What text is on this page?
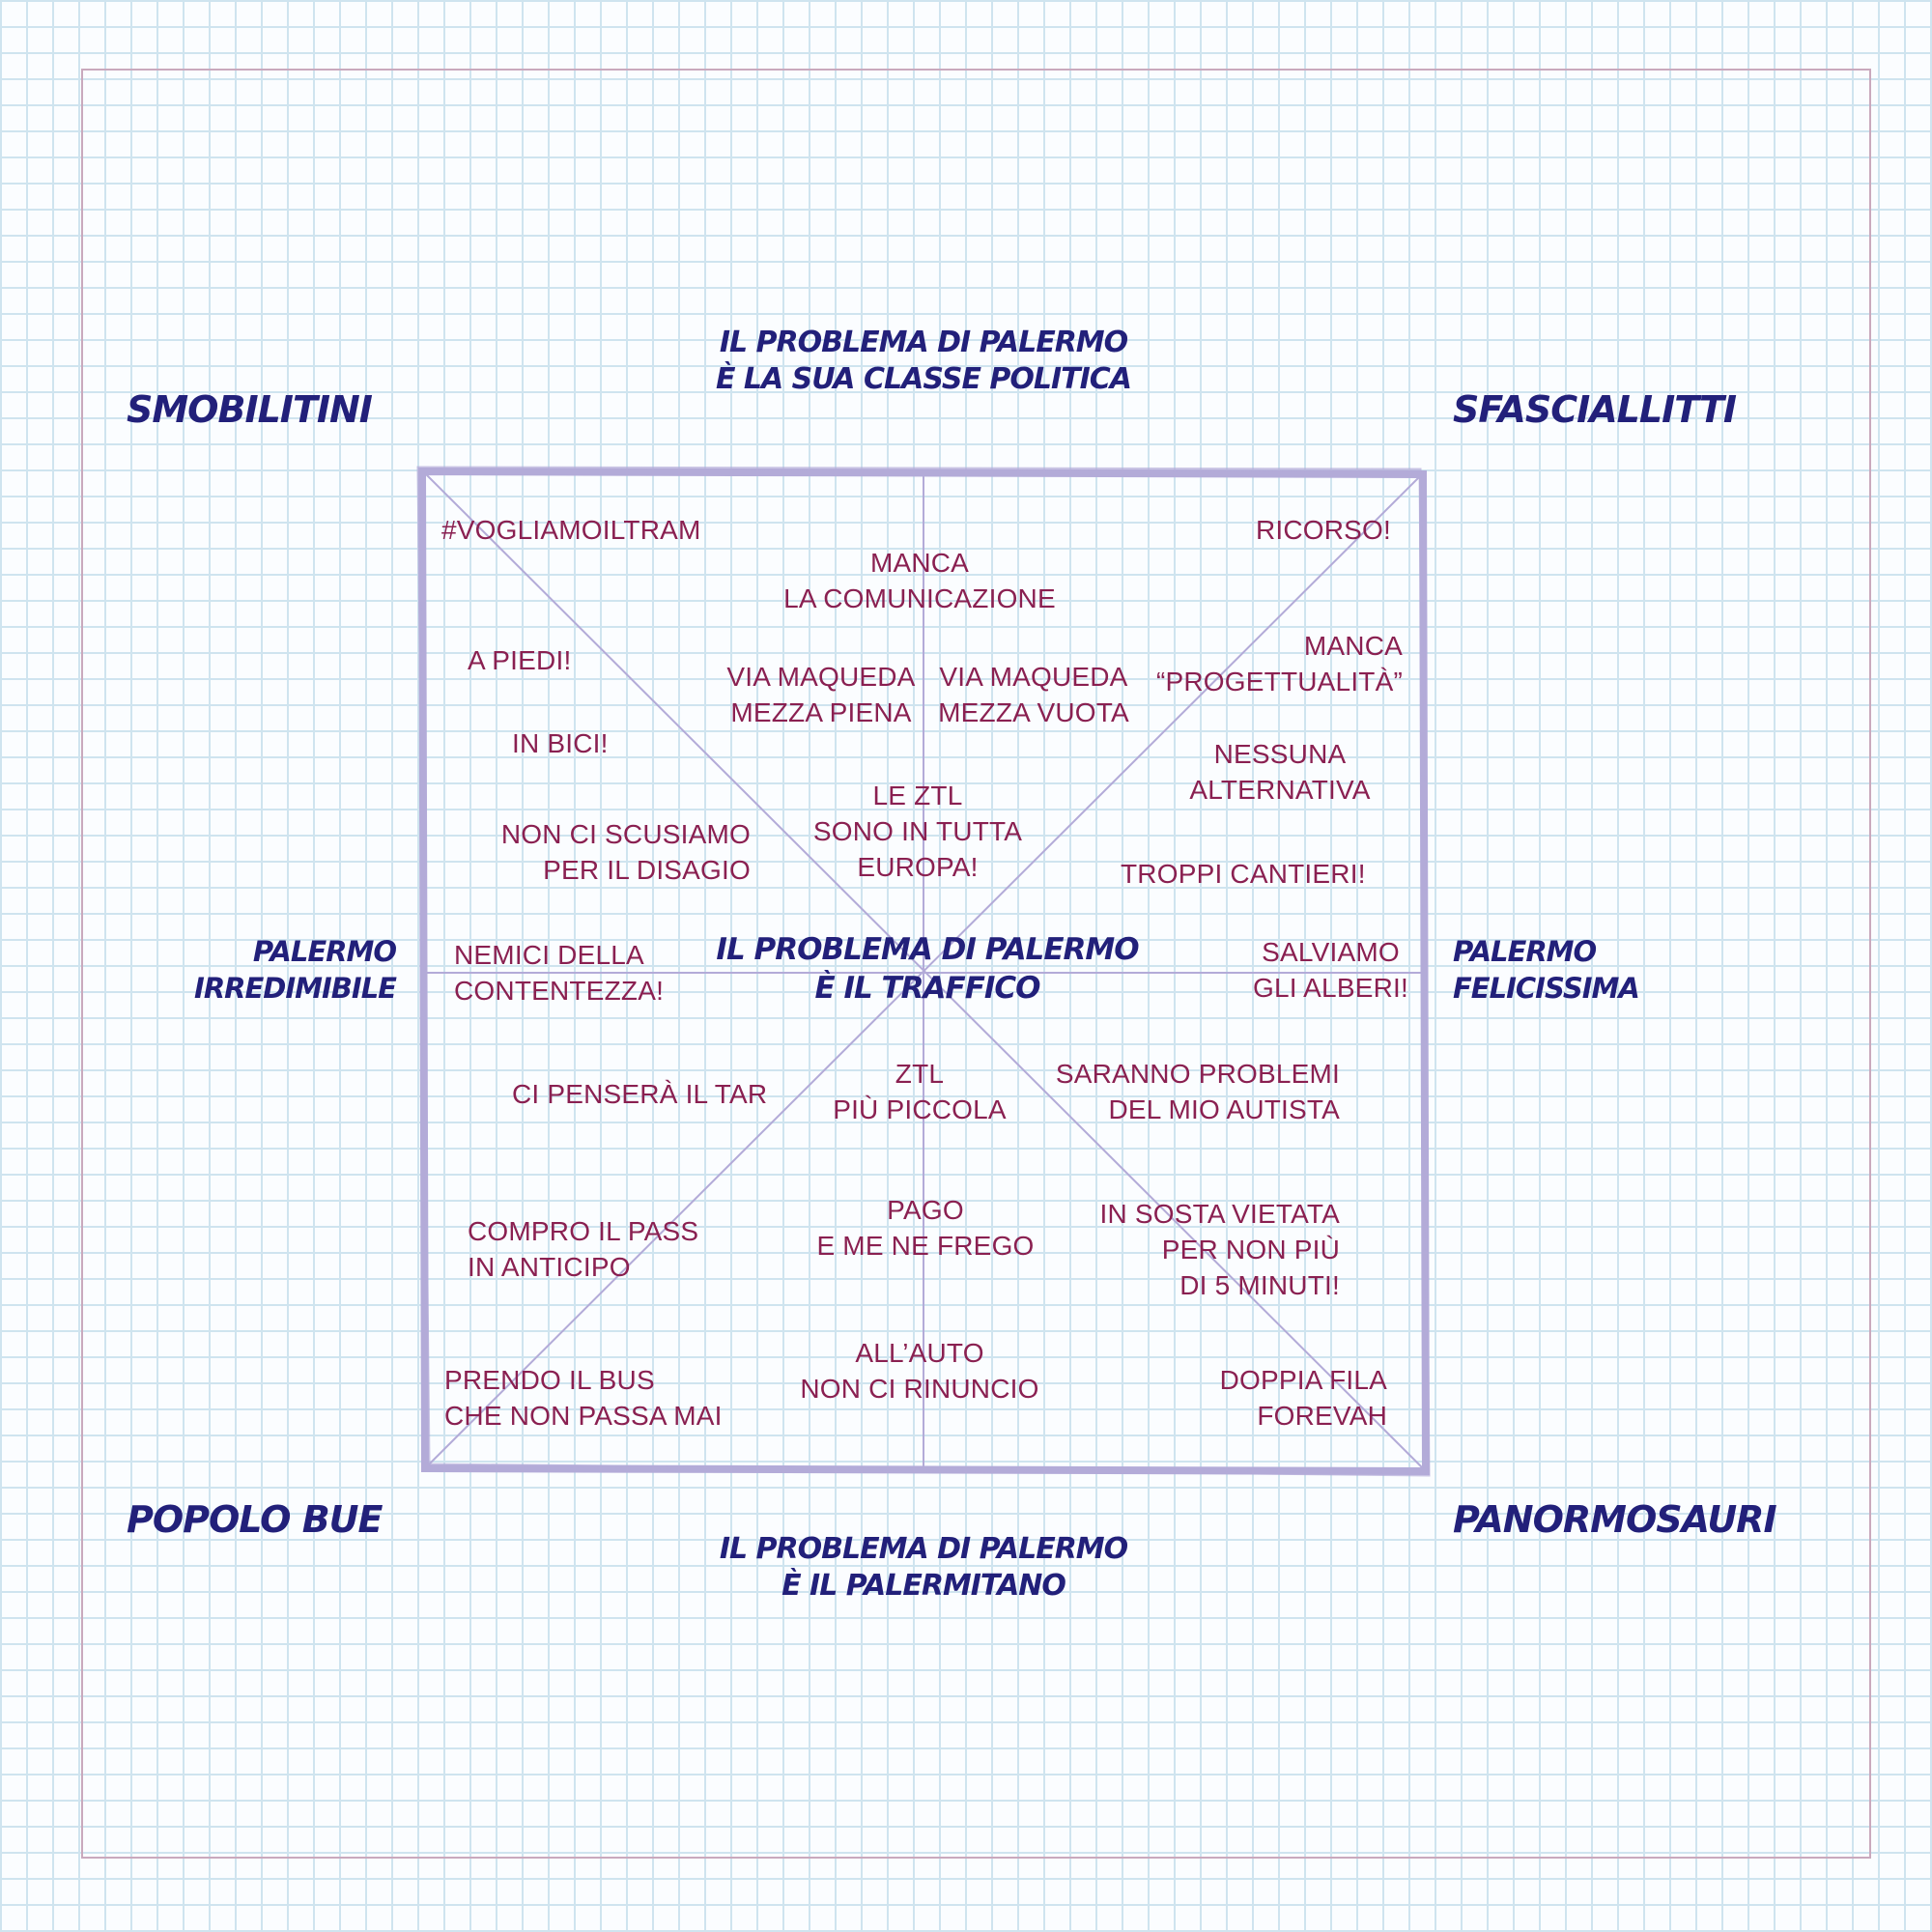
SMOBILITINI	SFASCIALLITTI
POPOLO BUE	PANORMOSAURI
IL PROBLEMA DI PALERMO
È LA SUA CLASSE POLITICA
IL PROBLEMA DI PALERMO
È IL PALERMITANO
PALERMO
IRREDIMIBILE
PALERMO
FELICISSIMA
IL PROBLEMA DI PALERMO
È IL TRAFFICO
#VOGLIAMOILTRAM	RICORSO!
MANCA
LA COMUNICAZIONE
A PIEDI!
VIA MAQUEDA
MEZZA PIENA
VIA MAQUEDA
MEZZA VUOTA
MANCA
“PROGETTUALITÀ”
IN BICI!	NESSUNA
ALTERNATIVA
LE ZTL
SONO IN TUTTA
EUROPA!
NON CI SCUSIAMO
PER IL DISAGIO	TROPPI CANTIERI!
NEMICI DELLA
CONTENTEZZA!
SALVIAMO
GLI ALBERI!
CI PENSERÀ IL TAR
ZTL
PIÙ PICCOLA
SARANNO PROBLEMI
DEL MIO AUTISTA
COMPRO IL PASS
IN ANTICIPO
PAGO
E ME NE FREGO
IN SOSTA VIETATA
PER NON PIÙ
DI 5 MINUTI!
PRENDO IL BUS
CHE NON PASSA MAI
ALL’AUTO
NON CI RINUNCIO	DOPPIA FILA
FOREVAH
